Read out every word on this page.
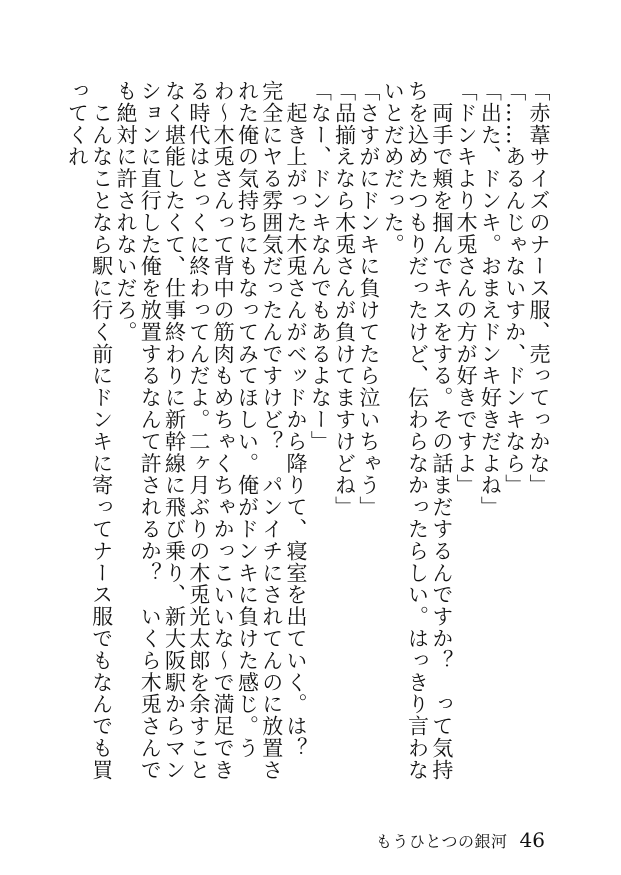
「赤葦サイズのナース服、売ってっかな」

「……あるんじゃないすか、ドンキなら」

「出た、ドンキ。おまえドンキ好きだよね」

「ドンキより木兎さんの方が好きですよ」

　両手で頬を掴んでキスをする。その話まだするんですか？　って気持ちを込めたつもりだったけど、伝わらなかったらしい。はっきり言わないとだめだった。

「さすがにドンキに負けてたら泣いちゃう」

「品揃えなら木兎さんが負けてますけどね」

「なー、ドンキなんでもあるよなー」

　起き上がった木兎さんがベッドから降りて、寝室を出ていく。は？　完全にヤる雰囲気だったんですけど？　パンイチにされてんのに放置された俺の気持ちにもなってみてほしい。俺がドンキに負けた感じ。うわ〜木兎さんって背中の筋肉もめちゃくちゃかっこいいな〜で満足できる時代はとっくに終わってんだよ。二ヶ月ぶりの木兎光太郎を余すことなく堪能したくて、仕事終わりに新幹線に飛び乗り、新大阪駅からマンションに直行した俺を放置するなんて許されるか？　いくら木兎さんでも絶対に許されないだろ。

　こんなことなら駅に行く前にドンキに寄ってナース服でもなんでも買ってくれ

もうひとつの銀河 46
